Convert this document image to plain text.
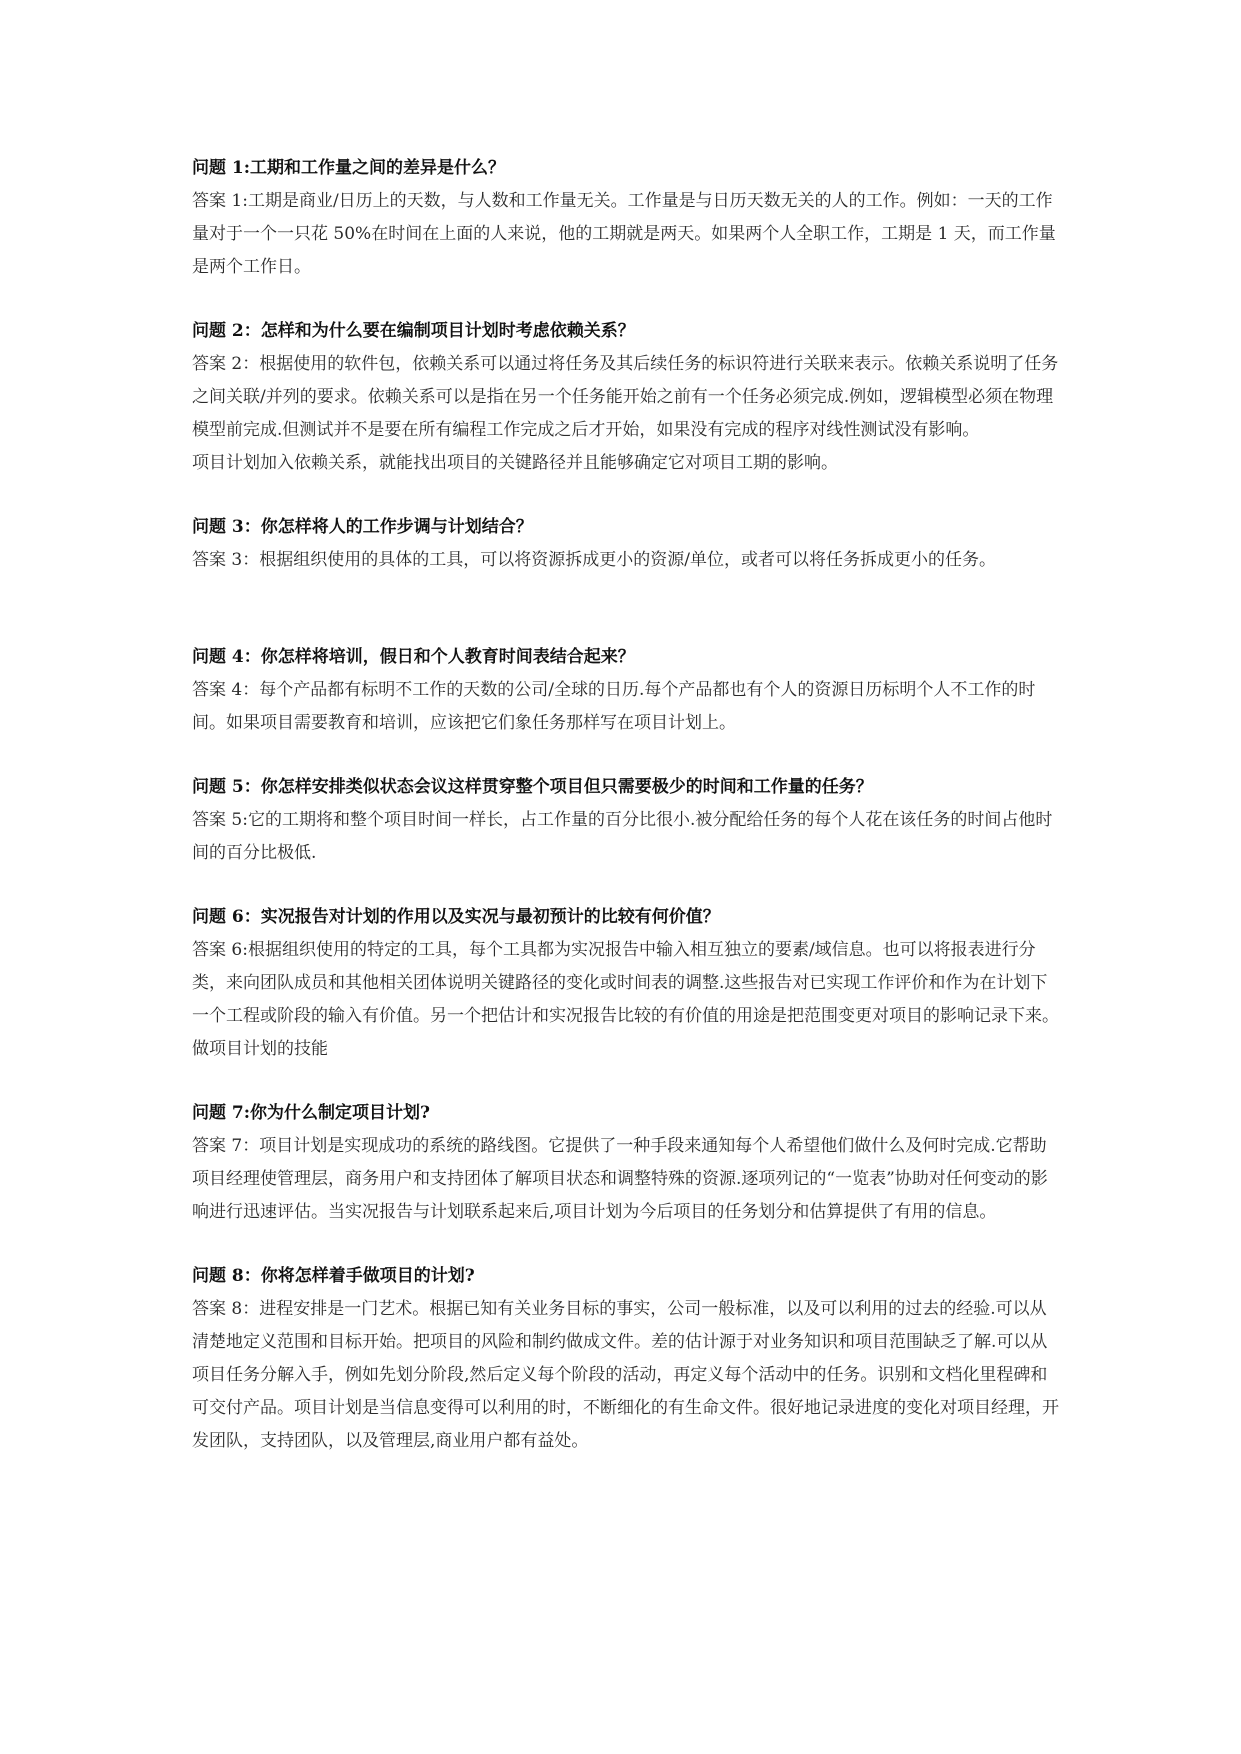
问题 1:工期和工作量之间的差异是什么？

答案 1:工期是商业/日历上的天数，与人数和工作量无关。工作量是与日历天数无关的人的工作。例如：一天的工作量对于一个一只花 50%在时间在上面的人来说，他的工期就是两天。如果两个人全职工作，工期是 1 天，而工作量是两个工作日。

问题 2：怎样和为什么要在编制项目计划时考虑依赖关系？

答案 2：根据使用的软件包，依赖关系可以通过将任务及其后续任务的标识符进行关联来表示。依赖关系说明了任务之间关联/并列的要求。依赖关系可以是指在另一个任务能开始之前有一个任务必须完成.例如，逻辑模型必须在物理模型前完成.但测试并不是要在所有编程工作完成之后才开始，如果没有完成的程序对线性测试没有影响。

项目计划加入依赖关系，就能找出项目的关键路径并且能够确定它对项目工期的影响。

问题 3：你怎样将人的工作步调与计划结合？

答案 3：根据组织使用的具体的工具，可以将资源拆成更小的资源/单位，或者可以将任务拆成更小的任务。

问题 4：你怎样将培训，假日和个人教育时间表结合起来？

答案 4：每个产品都有标明不工作的天数的公司/全球的日历.每个产品都也有个人的资源日历标明个人不工作的时间。如果项目需要教育和培训，应该把它们象任务那样写在项目计划上。

问题 5：你怎样安排类似状态会议这样贯穿整个项目但只需要极少的时间和工作量的任务？

答案 5:它的工期将和整个项目时间一样长，占工作量的百分比很小.被分配给任务的每个人花在该任务的时间占他时间的百分比极低.

问题 6：实况报告对计划的作用以及实况与最初预计的比较有何价值？

答案 6:根据组织使用的特定的工具，每个工具都为实况报告中输入相互独立的要素/域信息。也可以将报表进行分类，来向团队成员和其他相关团体说明关键路径的变化或时间表的调整.这些报告对已实现工作评价和作为在计划下一个工程或阶段的输入有价值。另一个把估计和实况报告比较的有价值的用途是把范围变更对项目的影响记录下来。

做项目计划的技能

问题 7:你为什么制定项目计划?

答案 7：项目计划是实现成功的系统的路线图。它提供了一种手段来通知每个人希望他们做什么及何时完成.它帮助项目经理使管理层，商务用户和支持团体了解项目状态和调整特殊的资源.逐项列记的“一览表”协助对任何变动的影响进行迅速评估。当实况报告与计划联系起来后,项目计划为今后项目的任务划分和估算提供了有用的信息。

问题 8：你将怎样着手做项目的计划?

答案 8：进程安排是一门艺术。根据已知有关业务目标的事实，公司一般标准，以及可以利用的过去的经验.可以从清楚地定义范围和目标开始。把项目的风险和制约做成文件。差的估计源于对业务知识和项目范围缺乏了解.可以从项目任务分解入手，例如先划分阶段,然后定义每个阶段的活动，再定义每个活动中的任务。识别和文档化里程碑和可交付产品。项目计划是当信息变得可以利用的时，不断细化的有生命文件。很好地记录进度的变化对项目经理，开发团队，支持团队，以及管理层,商业用户都有益处。
